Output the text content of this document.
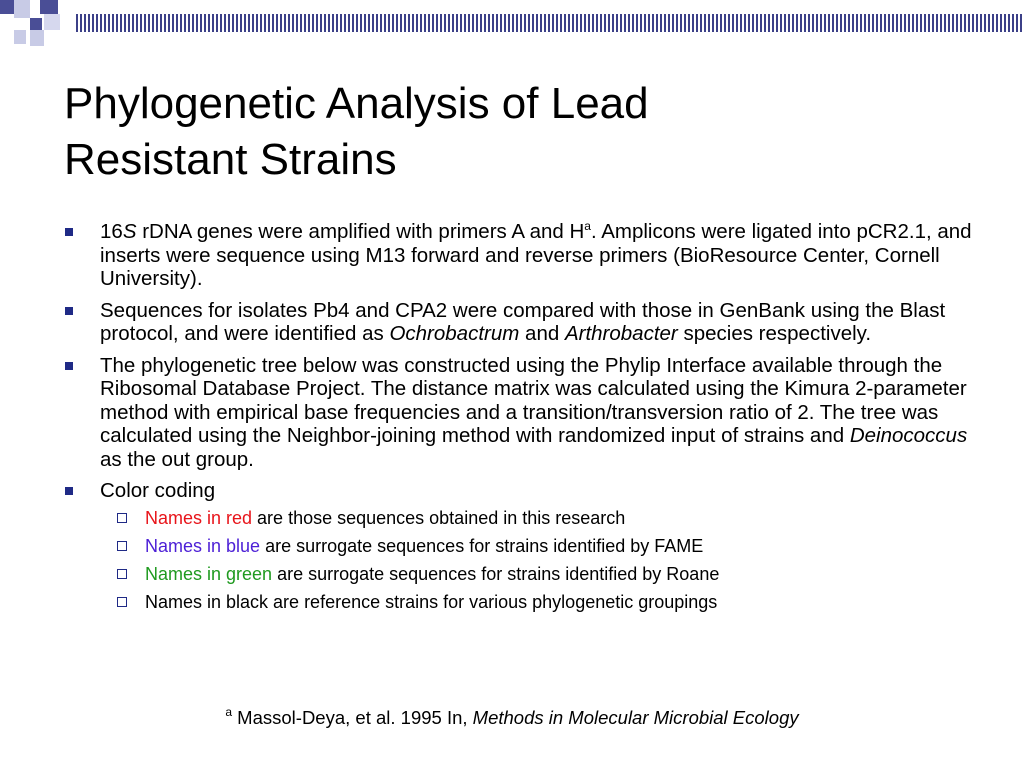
Phylogenetic Analysis of Lead
Resistant Strains
16S rDNA genes were amplified with primers A and $H^a$. Amplicons were ligated into pCR2.1, and inserts were sequence using M13 forward and reverse primers (BioResource Center, Cornell University).
Sequences for isolates Pb4 and CPA2 were compared with those in GenBank using the Blast protocol, and were identified as Ochrobactrum and Arthrobacter species respectively.
The phylogenetic tree below was constructed using the Phylip Interface available through the Ribosomal Database Project. The distance matrix was calculated using the Kimura 2-parameter method with empirical base frequencies and a transition/transversion ratio of 2. The tree was calculated using the Neighbor-joining method with randomized input of strains and Deinococcus as the out group.
Color coding
Names in red are those sequences obtained in this research
Names in blue are surrogate sequences for strains identified by FAME
Names in green are surrogate sequences for strains identified by Roane
Names in black are reference strains for various phylogenetic groupings
$^a$ Massol-Deya, et al. 1995 In, Methods in Molecular Microbial Ecology
